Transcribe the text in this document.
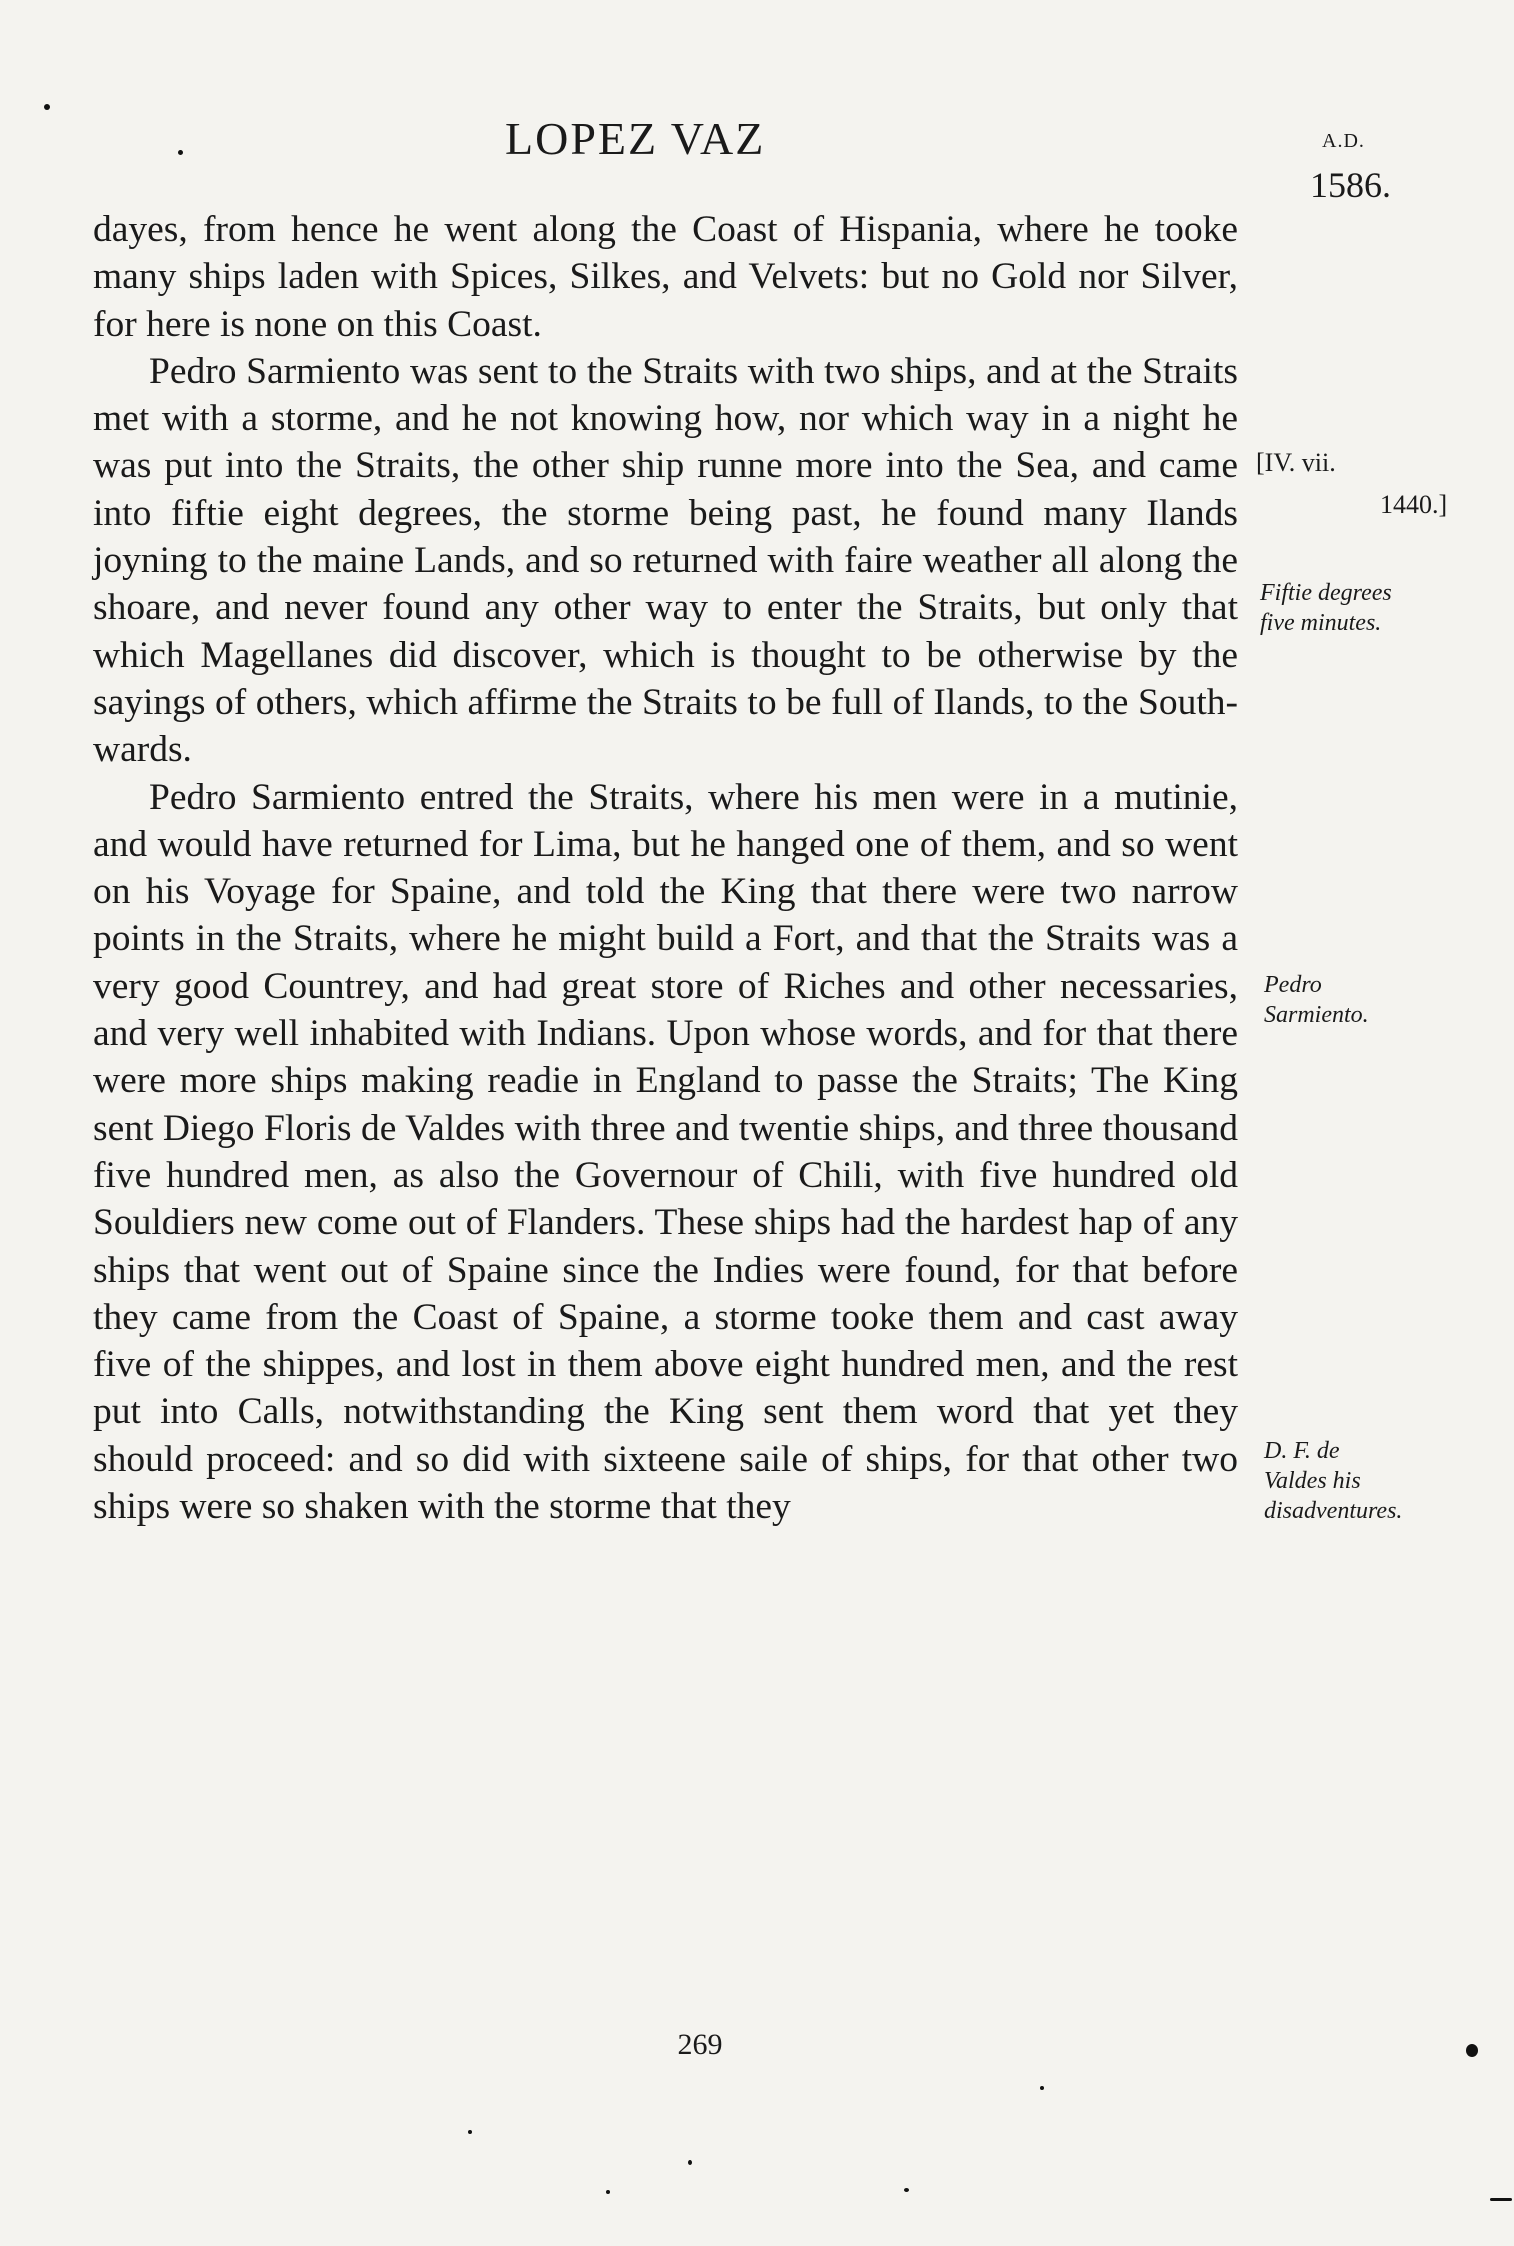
LOPEZ VAZ	A.D.
1586.

dayes, from hence he went along the Coast of Hispania, where he tooke many ships laden with Spices, Silkes, and Velvets: but no Gold nor Silver, for here is none on this Coast.

Pedro Sarmiento was sent to the Straits with two ships, and at the Straits met with a storme, and he not knowing how, nor which way in a night he was put into the Straits, the other ship runne more into the Sea, and came into fiftie eight degrees, the storme being past, he found many Ilands joyning to the maine Lands, and so returned with faire weather all along the shoare, and never found any other way to enter the Straits, but only that which Magellanes did discover, which is thought to be otherwise by the sayings of others, which affirme the Straits to be full of Ilands, to the South-wards.

Pedro Sarmiento entred the Straits, where his men were in a mutinie, and would have returned for Lima, but he hanged one of them, and so went on his Voyage for Spaine, and told the King that there were two narrow points in the Straits, where he might build a Fort, and that the Straits was a very good Countrey, and had great store of Riches and other necessaries, and very well inhabited with Indians. Upon whose words, and for that there were more ships making readie in England to passe the Straits; The King sent Diego Floris de Valdes with three and twentie ships, and three thousand five hundred men, as also the Governour of Chili, with five hundred old Souldiers new come out of Flanders. These ships had the hardest hap of any ships that went out of Spaine since the Indies were found, for that before they came from the Coast of Spaine, a storme tooke them and cast away five of the shippes, and lost in them above eight hundred men, and the rest put into Calls, notwithstanding the King sent them word that yet they should proceed: and so did with sixteene saile of ships, for that other two ships were so shaken with the storme that they

[IV. vii.
1440.]
Fiftie degrees
five minutes.
Pedro
Sarmiento.
D. F. de
Valdes his
disadventures.
269
